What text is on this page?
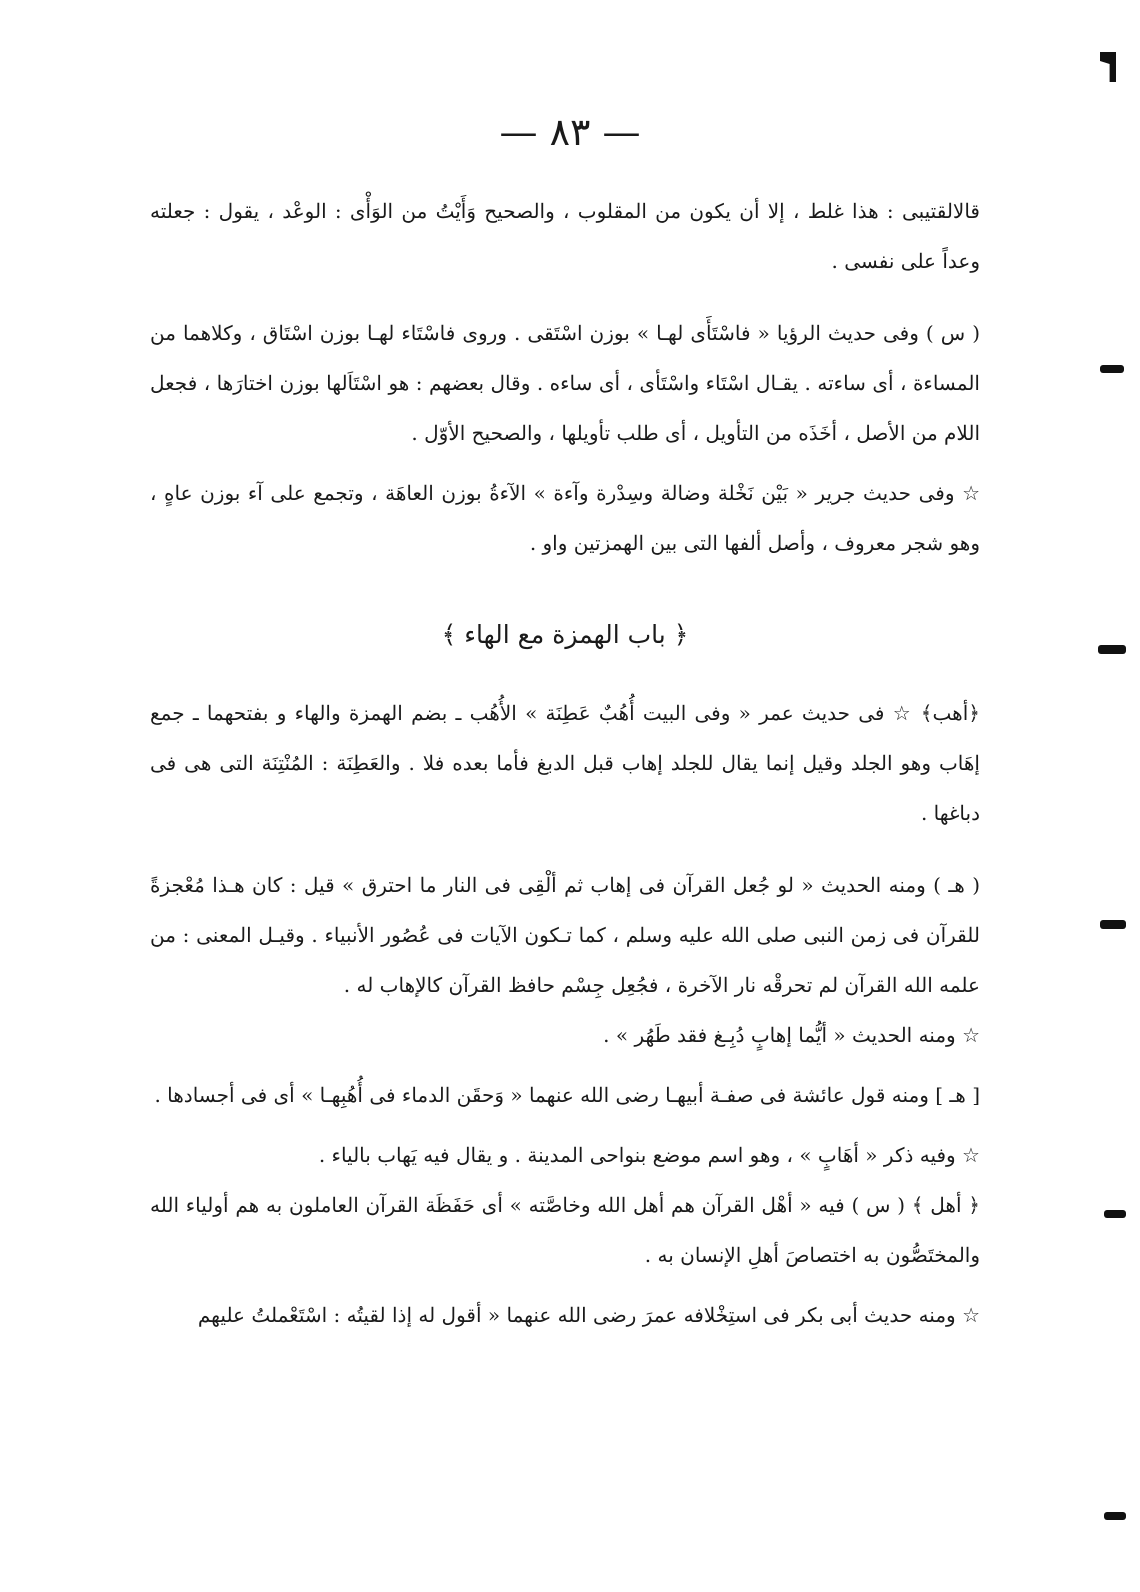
— ٨٣ —

قالالقتيبى : هذا غلط ، إلا أن يكون من المقلوب ، والصحيح وَأَيْتُ من الوَأْى : الوعْد ، يقول : جعلته وعداً على نفسى .

( س ) وفى حديث الرؤيا « فاسْتَأَى لهـا » بوزن اسْتَقى . وروى فاسْتَاء لهـا بوزن اسْتَاق ، وكلاهما من المساءة ، أى ساءته . يقـال اسْتَاء واسْتَأى ، أى ساءه . وقال بعضهم : هو اسْتَاَلها بوزن اختارَها ، فجعل اللام من الأصل ، أخَذَه من التأويل ، أى طلب تأويلها ، والصحيح الأوّل .

☆ وفى حديث جرير « بَيْن نَخْلة وضالة وسِدْرة وآءة » الآءةُ بوزن العاهَة ، وتجمع على آء بوزن عاهٍ ، وهو شجر معروف ، وأصل ألفها التى بين الهمزتين واو .

﴿ باب الهمزة مع الهاء ﴾

﴿أهب﴾ ☆ فى حديث عمر « وفى البيت أُهُبٌ عَطِنَة » الأُهُب ـ بضم الهمزة والهاء و بفتحهما ـ جمع إهَاب وهو الجلد وقيل إنما يقال للجلد إهاب قبل الدبغ فأما بعده فلا . والعَطِنَة : المُنْتِنَة التى هى فى دباغها .

( هـ ) ومنه الحديث « لو جُعل القرآن فى إهاب ثم ألْقِى فى النار ما احترق » قيل : كان هـذا مُعْجزةً للقرآن فى زمن النبى صلى الله عليه وسلم ، كما تـكون الآيات فى عُصُور الأنبياء . وقيـل المعنى : من علمه الله القرآن لم تحرقْه نار الآخرة ، فجُعِل جِسْم حافظ القرآن كالإهاب له .

☆ ومنه الحديث « أيُّما إهابٍ دُبِـغ فقد طَهُر » .

[ هـ ] ومنه قول عائشة فى صفـة أبيهـا رضى الله عنهما « وَحقَن الدماء فى أُهُبِهـا » أى فى أجسادها .

☆ وفيه ذكر « أهَابٍ » ، وهو اسم موضع بنواحى المدينة . و يقال فيه يَهاب بالياء .

﴿ أهل ﴾ ( س ) فيه « أهْل القرآن هم أهل الله وخاصَّته » أى حَفَظَة القرآن العاملون به هم أولياء الله والمختَصُّون به اختصاصَ أهلِ الإنسان به .

☆ ومنه حديث أبى بكر فى استِخْلافه عمرَ رضى الله عنهما « أقول له إذا لقيتُه : اسْتَعْملتُ عليهم
